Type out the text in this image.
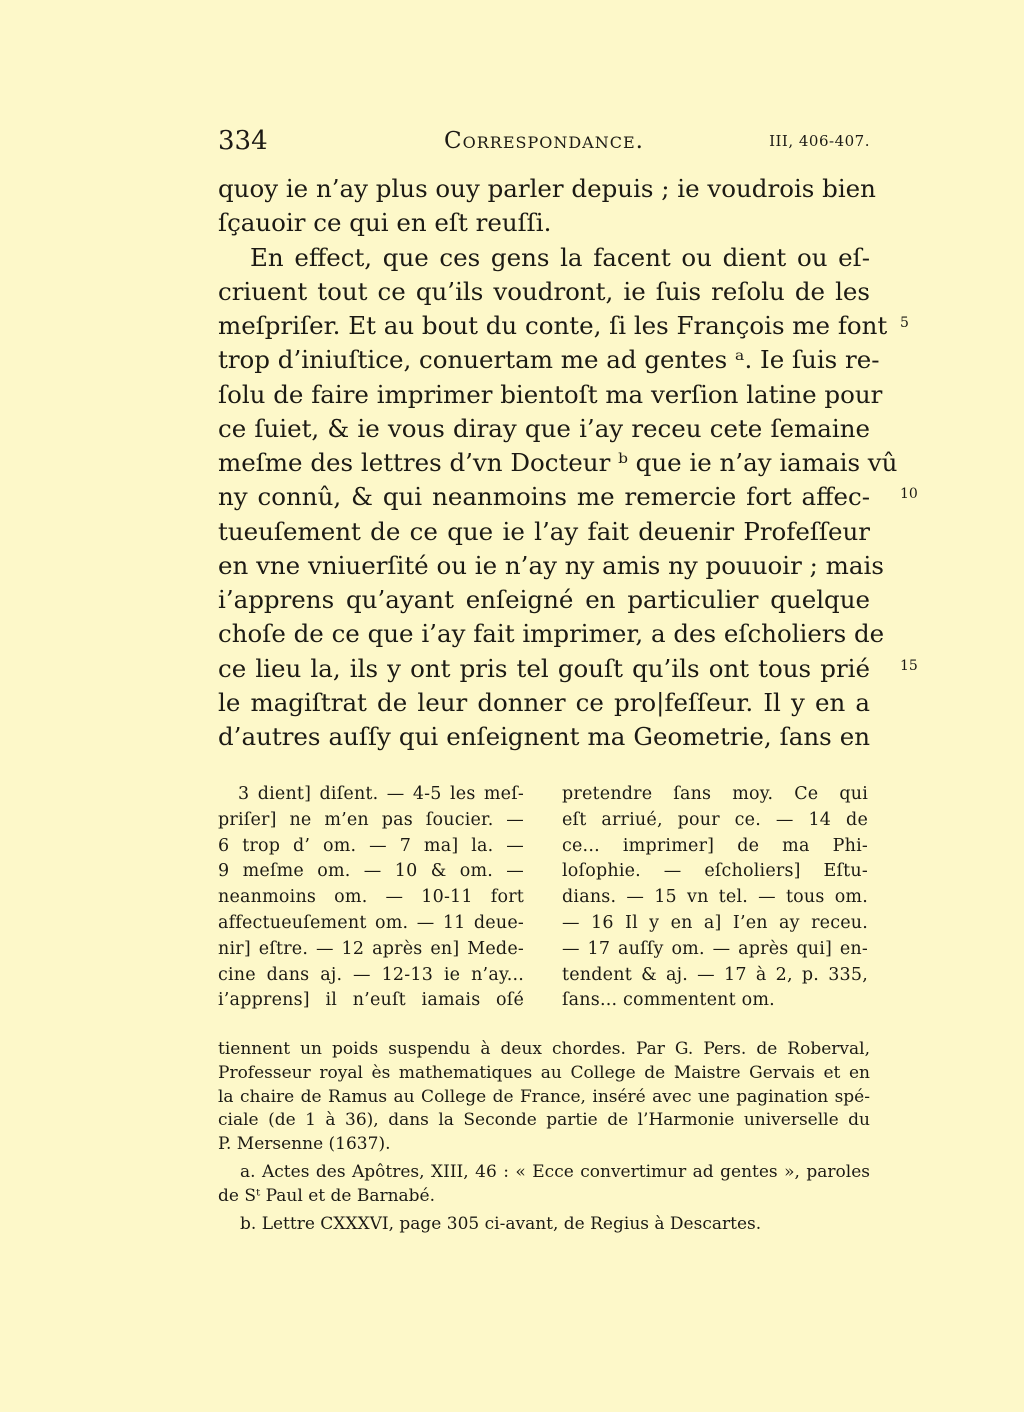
334	Correspondance.	III, 406-407.
quoy ie n’ay plus ouy parler depuis ; ie voudrois bien
ſçauoir ce qui en eſt reuſſi.
En effect, que ces gens la facent ou dient ou eſ-
criuent tout ce qu’ils voudront, ie ſuis reſolu de les
meſpriſer. Et au bout du conte, ſi les François me font
trop d’iniuſtice, conuertam me ad gentes ᵃ. Ie ſuis re-
ſolu de faire imprimer bientoſt ma verſion latine pour
ce ſuiet, & ie vous diray que i’ay receu cete ſemaine
meſme des lettres d’vn Docteur ᵇ que ie n’ay iamais vû
ny connû, & qui neanmoins me remercie fort affec-
tueuſement de ce que ie l’ay fait deuenir Profeſſeur
en vne vniuerſité ou ie n’ay ny amis ny pouuoir ; mais
i’apprens qu’ayant enſeigné en particulier quelque
choſe de ce que i’ay fait imprimer, a des eſcholiers de
ce lieu la, ils y ont pris tel gouſt qu’ils ont tous prié
le magiſtrat de leur donner ce pro|feſſeur. Il y en a
d’autres auſſy qui enſeignent ma Geometrie, ſans en
5
10
15
3 dient] diſent. — 4-5 les meſ-
priſer] ne m’en pas ſoucier. —
6 trop d’ om. — 7 ma] la. —
9 meſme om. — 10 & om. —
neanmoins om. — 10-11 fort
affectueuſement om. — 11 deue-
nir] eſtre. — 12 après en] Mede-
cine dans aj. — 12-13 ie n’ay...
i’apprens] il n’euſt iamais oſé
pretendre ſans moy. Ce qui
eſt arriué, pour ce. — 14 de
ce... imprimer] de ma Phi-
loſophie. — eſcholiers] Eſtu-
dians. — 15 vn tel. — tous om.
— 16 Il y en a] I’en ay receu.
— 17 auſſy om. — après qui] en-
tendent & aj. — 17 à 2, p. 335,
ſans... commentent om.
tiennent un poids suspendu à deux chordes. Par G. Pers. de Roberval,
Professeur royal ès mathematiques au College de Maistre Gervais et en
la chaire de Ramus au College de France, inséré avec une pagination spé-
ciale (de 1 à 36), dans la Seconde partie de l’Harmonie universelle du
P. Mersenne (1637).
a. Actes des Apôtres, XIII, 46 : « Ecce convertimur ad gentes », paroles
de Sᵗ Paul et de Barnabé.
b. Lettre CXXXVI, page 305 ci-avant, de Regius à Descartes.
